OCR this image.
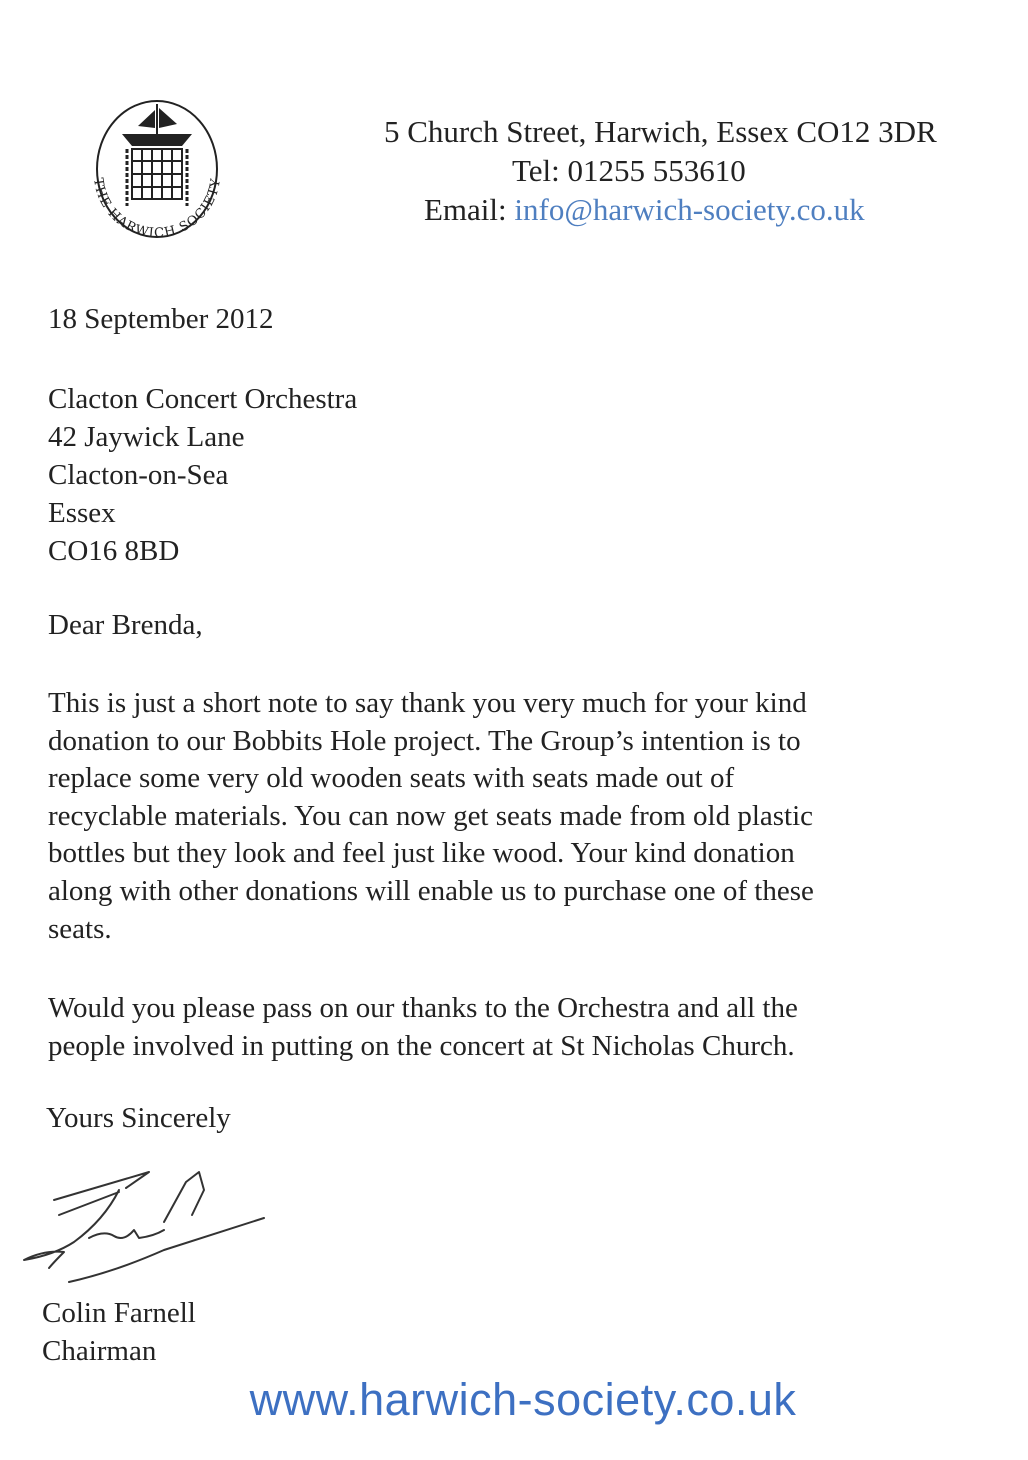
THE HARWICH SOCIETY
5 Church Street, Harwich, Essex CO12 3DR
Tel: 01255 553610
Email: info@harwich-society.co.uk
18 September 2012
Clacton Concert Orchestra
42 Jaywick Lane
Clacton-on-Sea
Essex
CO16 8BD
Dear Brenda,
This is just a short note to say thank you very much for your kind
donation to our Bobbits Hole project. The Group’s intention is to
replace some very old wooden seats with seats made out of
recyclable materials. You can now get seats made from old plastic
bottles but they look and feel just like wood. Your kind donation
along with other donations will enable us to purchase one of these
seats.
Would you please pass on our thanks to the Orchestra and all the
people involved in putting on the concert at St Nicholas Church.
Yours Sincerely
Colin Farnell
Chairman
www.harwich-society.co.uk
